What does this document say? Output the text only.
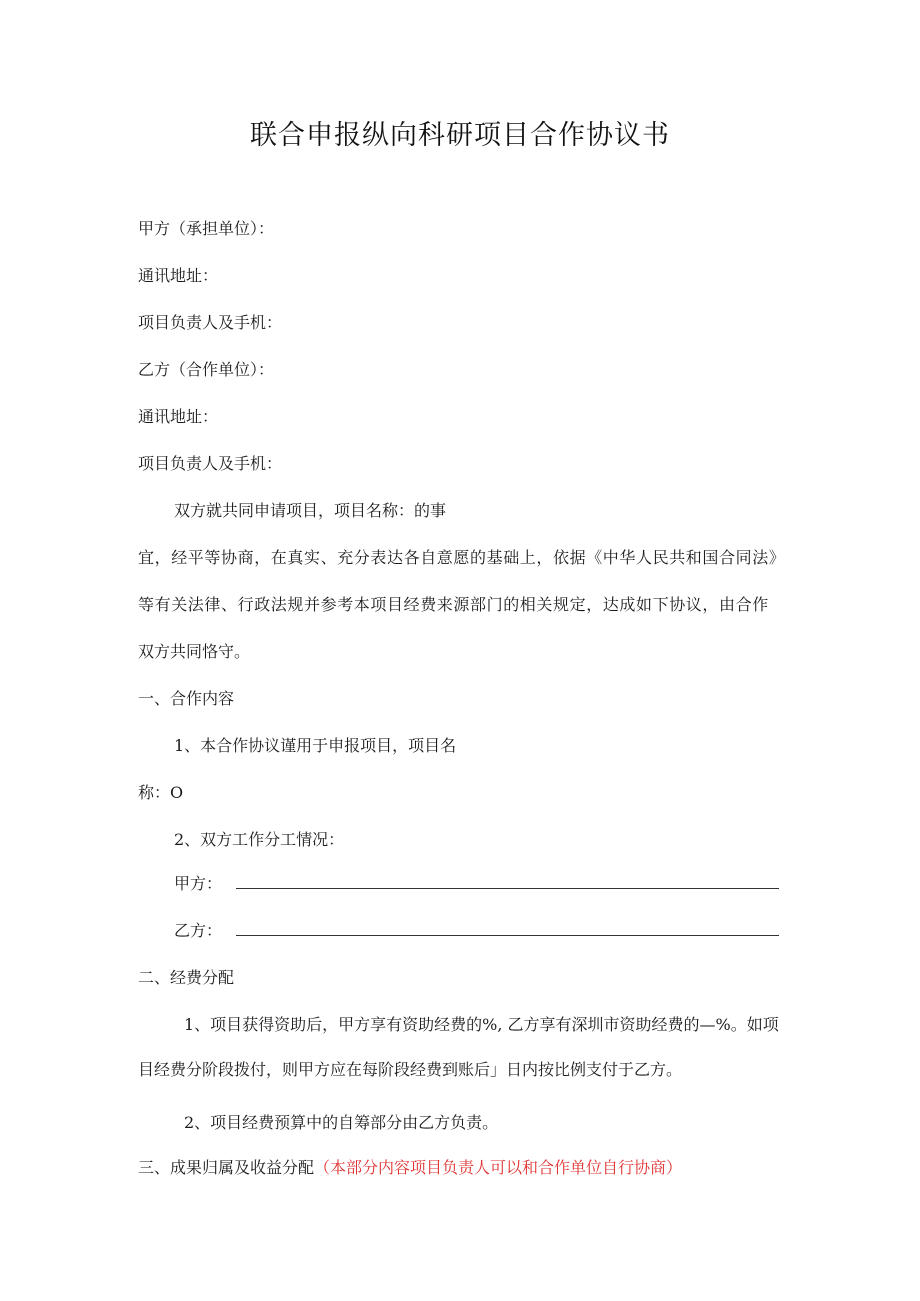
联合申报纵向科研项目合作协议书
甲方（承担单位）：
通讯地址：
项目负责人及手机：
乙方（合作单位）：
通讯地址：
项目负责人及手机：
双方就共同申请项目，项目名称：的事
宜，经平等协商，在真实、充分表达各自意愿的基础上，依据《中华人民共和国合同法》
等有关法律、行政法规并参考本项目经费来源部门的相关规定，达成如下协议，由合作
双方共同恪守。
一、合作内容
1、本合作协议谨用于申报项目，项目名
称：O
2、双方工作分工情况：
甲方：
乙方：
二、经费分配
1、项目获得资助后，甲方享有资助经费的%, 乙方享有深圳市资助经费的—%。如项
目经费分阶段拨付，则甲方应在每阶段经费到账后」日内按比例支付于乙方。
2、项目经费预算中的自筹部分由乙方负责。
三、成果归属及收益分配（本部分内容项目负责人可以和合作单位自行协商）
